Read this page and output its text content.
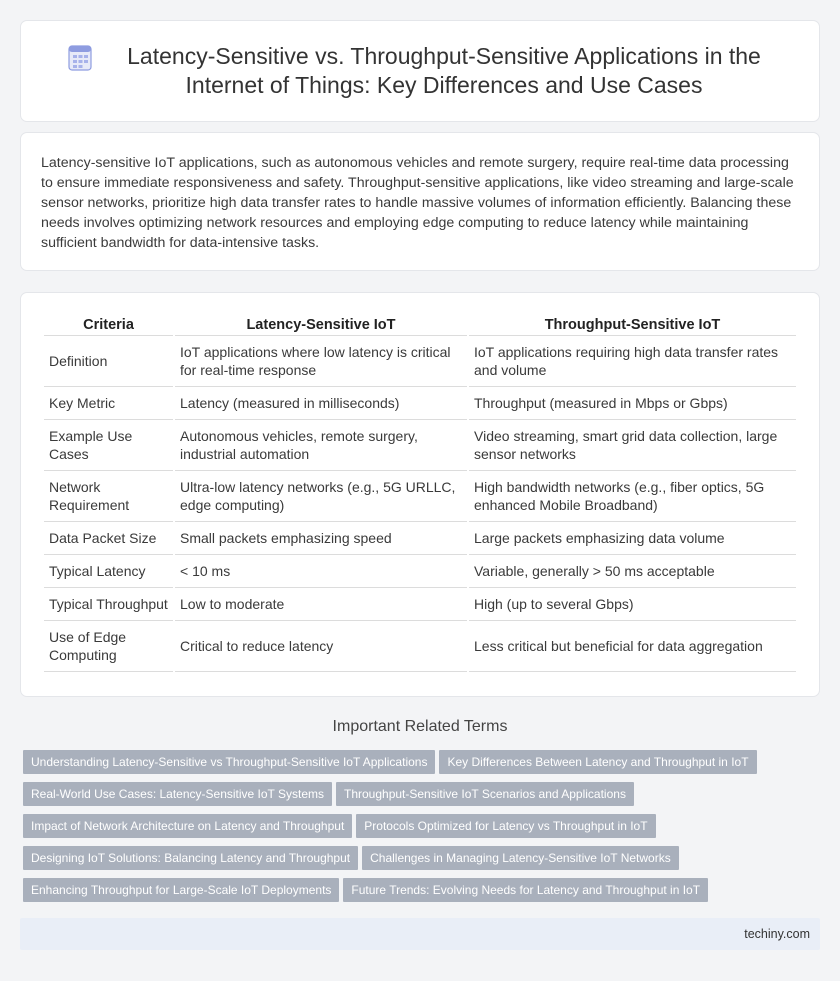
Latency-Sensitive vs. Throughput-Sensitive Applications in the Internet of Things: Key Differences and Use Cases

Latency-sensitive IoT applications, such as autonomous vehicles and remote surgery, require real-time data processing to ensure immediate responsiveness and safety. Throughput-sensitive applications, like video streaming and large-scale sensor networks, prioritize high data transfer rates to handle massive volumes of information efficiently. Balancing these needs involves optimizing network resources and employing edge computing to reduce latency while maintaining sufficient bandwidth for data-intensive tasks.

Criteria	Latency-Sensitive IoT	Throughput-Sensitive IoT
Definition	IoT applications where low latency is critical for real-time response	IoT applications requiring high data transfer rates and volume
Key Metric	Latency (measured in milliseconds)	Throughput (measured in Mbps or Gbps)
Example Use Cases	Autonomous vehicles, remote surgery, industrial automation	Video streaming, smart grid data collection, large sensor networks
Network Requirement	Ultra-low latency networks (e.g., 5G URLLC, edge computing)	High bandwidth networks (e.g., fiber optics, 5G enhanced Mobile Broadband)
Data Packet Size	Small packets emphasizing speed	Large packets emphasizing data volume
Typical Latency	< 10 ms	Variable, generally > 50 ms acceptable
Typical Throughput	Low to moderate	High (up to several Gbps)
Use of Edge Computing	Critical to reduce latency	Less critical but beneficial for data aggregation
Important Related Terms
Understanding Latency-Sensitive vs Throughput-Sensitive IoT Applications Key Differences Between Latency and Throughput in IoT
Real-World Use Cases: Latency-Sensitive IoT Systems Throughput-Sensitive IoT Scenarios and Applications
Impact of Network Architecture on Latency and Throughput Protocols Optimized for Latency vs Throughput in IoT
Designing IoT Solutions: Balancing Latency and Throughput Challenges in Managing Latency-Sensitive IoT Networks
Enhancing Throughput for Large-Scale IoT Deployments Future Trends: Evolving Needs for Latency and Throughput in IoT
techiny.com
